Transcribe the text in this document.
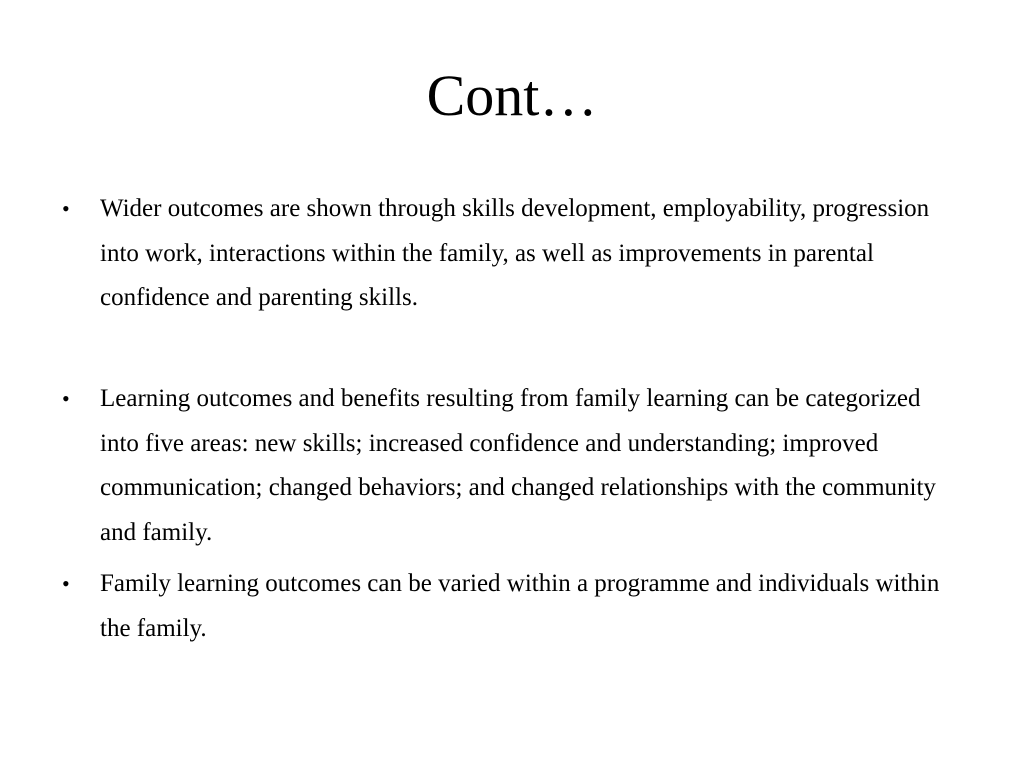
Cont…
•	Wider outcomes are shown through skills development, employability, progression into work, interactions within the family, as well as improvements in parental confidence and parenting skills.
•	Learning outcomes and benefits resulting from family learning can be categorized into five areas: new skills; increased confidence and understanding; improved communication; changed behaviors; and changed relationships with the community and family.
•	Family learning outcomes can be varied within a programme and individuals within the family.
